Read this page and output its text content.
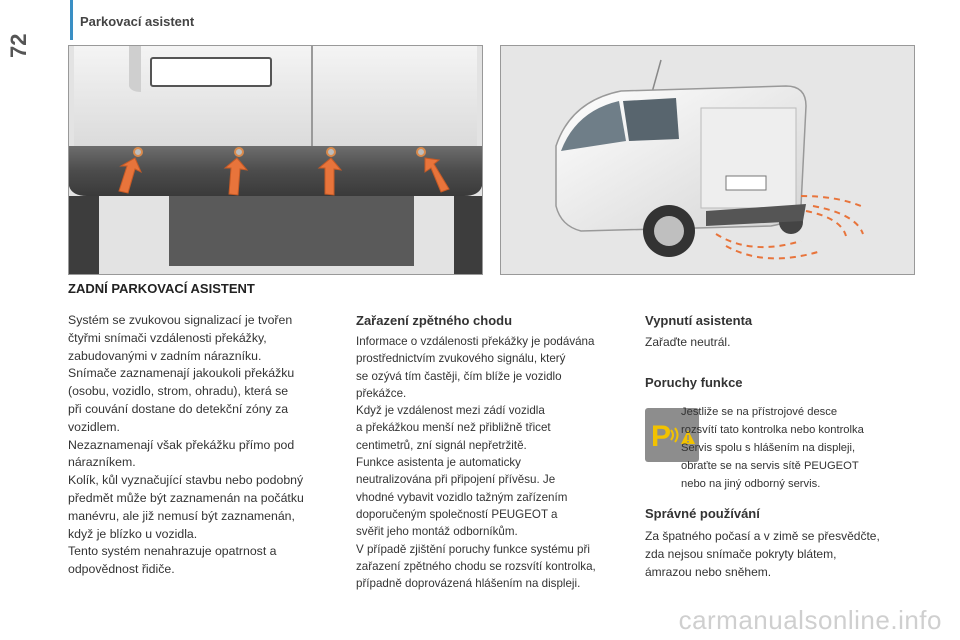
72
Parkovací asistent
ZADNÍ PARKOVACÍ ASISTENT

Systém se zvukovou signalizací je tvořen
čtyřmi snímači vzdálenosti překážky,
zabudovanými v zadním nárazníku.
Snímače zaznamenají jakoukoli překážku
(osobu, vozidlo, strom, ohradu), která se
při couvání dostane do detekční zóny za
vozidlem.
Nezaznamenají však překážku přímo pod
nárazníkem.
Kolík, kůl vyznačující stavbu nebo podobný
předmět může být zaznamenán na počátku
manévru, ale již nemusí být zaznamenán,
když je blízko u vozidla.
Tento systém nenahrazuje opatrnost a
odpovědnost řidiče.

Zařazení zpětného chodu

Informace o vzdálenosti překážky je podávána
prostřednictvím zvukového signálu, který
se ozývá tím častěji, čím blíže je vozidlo
překážce.
Když je vzdálenost mezi zádí vozidla
a překážkou menší než přibližně třicet
centimetrů, zní signál nepřetržitě.
Funkce asistenta je automaticky
neutralizována při připojení přívěsu. Je
vhodné vybavit vozidlo tažným zařízením
doporučeným společností PEUGEOT a
svěřit jeho montáž odborníkům.
V případě zjištění poruchy funkce systému při
zařazení zpětného chodu se rozsvítí kontrolka,
případně doprovázená hlášením na displeji.

Vypnutí asistenta
Zařaďte neutrál.
Poruchy funkce
P

Jestliže se na přístrojové desce
rozsvítí tato kontrolka nebo kontrolka
Servis spolu s hlášením na displeji,
obraťte se na servis sítě PEUGEOT
nebo na jiný odborný servis.

Správné používání

Za špatného počasí a v zimě se přesvědčte,
zda nejsou snímače pokryty blátem,
ámrazou nebo sněhem.

carmanualsonline.info
